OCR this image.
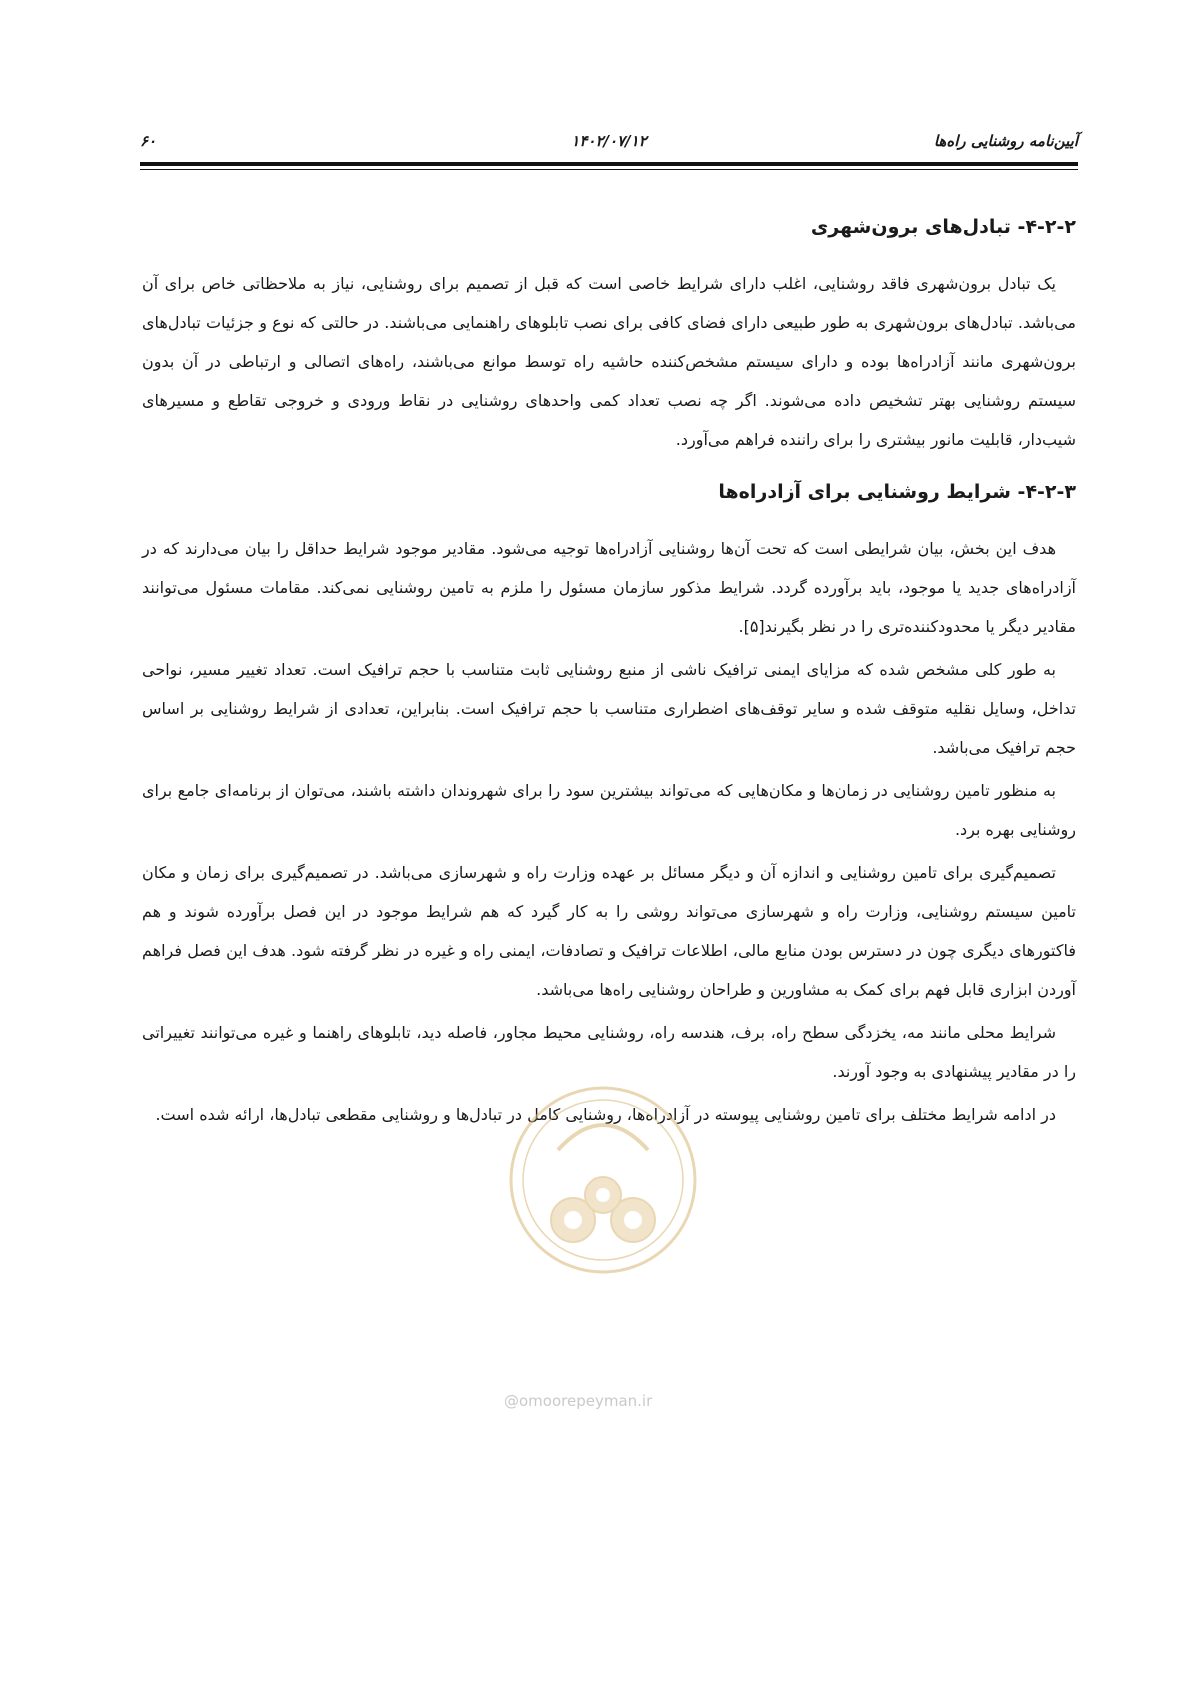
آیین‌نامه روشنایی راه‌ها
۱۴۰۲/۰۷/۱۲
۶۰
۴-۲-۲- تبادل‌های برون‌شهری

یک تبادل برون‌شهری فاقد روشنایی، اغلب دارای شرایط خاصی است که قبل از تصمیم برای روشنایی، نیاز به ملاحظاتی خاص برای آن می‌باشد. تبادل‌های برون‌شهری به طور طبیعی دارای فضای کافی برای نصب تابلوهای راهنمایی می‌باشند. در حالتی که نوع و جزئیات تبادل‌های برون‌شهری مانند آزادراه‌ها بوده و دارای سیستم مشخص‌کننده حاشیه راه توسط موانع می‌باشند، راه‌های اتصالی و ارتباطی در آن بدون سیستم روشنایی بهتر تشخیص داده می‌شوند. اگر چه نصب تعداد کمی واحدهای روشنایی در نقاط ورودی و خروجی تقاطع و مسیرهای شیب‌دار، قابلیت مانور بیشتری را برای راننده فراهم می‌آورد.

۴-۲-۳- شرایط روشنایی برای آزادراه‌ها

هدف این بخش، بیان شرایطی است که تحت آن‌ها روشنایی آزادراه‌ها توجیه می‌شود. مقادیر موجود شرایط حداقل را بیان می‌دارند که در آزادراه‌های جدید یا موجود، باید برآورده گردد. شرایط مذکور سازمان مسئول را ملزم به تامین روشنایی نمی‌کند. مقامات مسئول می‌توانند مقادیر دیگر یا محدودکننده‌تری را در نظر بگیرند[۵].

به طور کلی مشخص شده که مزایای ایمنی ترافیک ناشی از منبع روشنایی ثابت متناسب با حجم ترافیک است. تعداد تغییر مسیر، نواحی تداخل، وسایل نقلیه متوقف شده و سایر توقف‌های اضطراری متناسب با حجم ترافیک است. بنابراین، تعدادی از شرایط روشنایی بر اساس حجم ترافیک می‌باشد.

به منظور تامین روشنایی در زمان‌ها و مکان‌هایی که می‌تواند بیشترین سود را برای شهروندان داشته باشند، می‌توان از برنامه‌ای جامع برای روشنایی بهره برد.

تصمیم‌گیری برای تامین روشنایی و اندازه آن و دیگر مسائل بر عهده وزارت راه و شهرسازی می‌باشد. در تصمیم‌گیری برای زمان و مکان تامین سیستم روشنایی، وزارت راه و شهرسازی می‌تواند روشی را به کار گیرد که هم شرایط موجود در این فصل برآورده شوند و هم فاکتورهای دیگری چون در دسترس بودن منابع مالی، اطلاعات ترافیک و تصادفات، ایمنی راه و غیره در نظر گرفته شود. هدف این فصل فراهم آوردن ابزاری قابل فهم برای کمک به مشاورین و طراحان روشنایی راه‌ها می‌باشد.

شرایط محلی مانند مه، یخزدگی سطح راه، برف، هندسه راه، روشنایی محیط مجاور، فاصله دید، تابلوهای راهنما و غیره می‌توانند تغییراتی را در مقادیر پیشنهادی به وجود آورند.

در ادامه شرایط مختلف برای تامین روشنایی پیوسته در آزادراه‌ها، روشنایی کامل در تبادل‌ها و روشنایی مقطعی تبادل‌ها، ارائه شده است.

@omoorepeyman.ir
